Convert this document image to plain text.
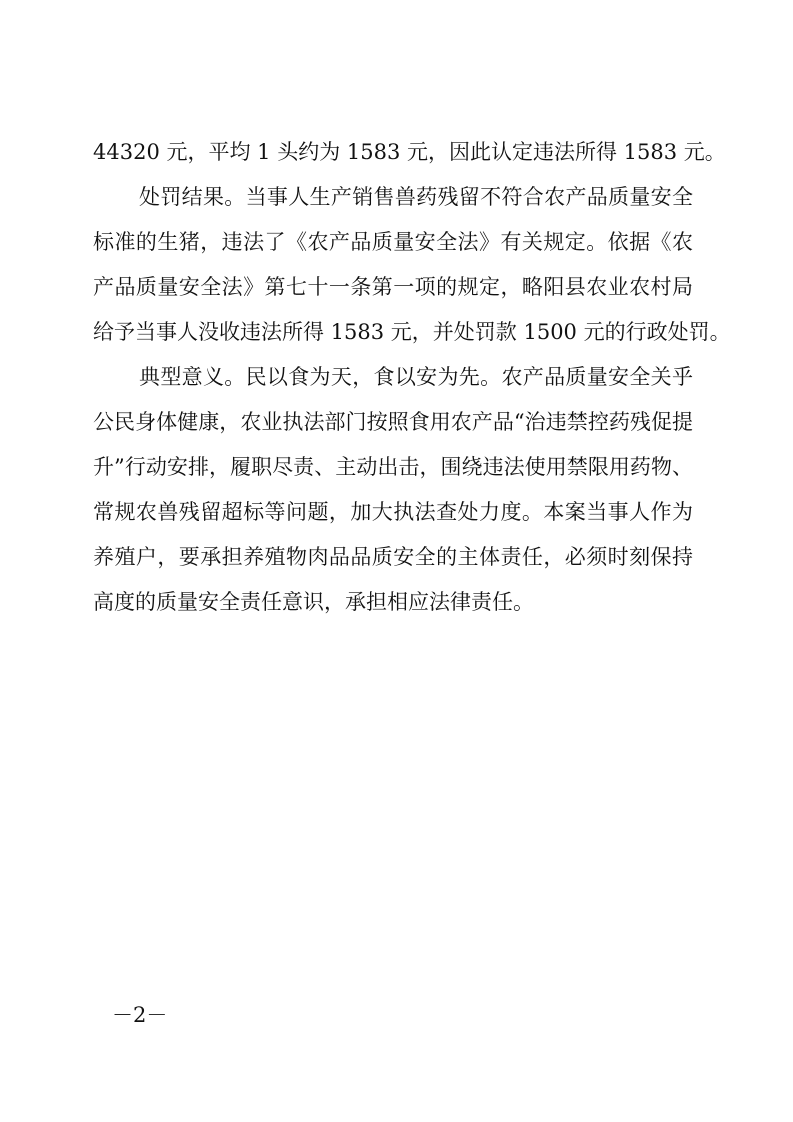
44320 元，平均 1 头约为 1583 元，因此认定违法所得 1583 元。
处罚结果。当事人生产销售兽药残留不符合农产品质量安全
标准的生猪，违法了《农产品质量安全法》有关规定。依据《农
产品质量安全法》第七十一条第一项的规定，略阳县农业农村局
给予当事人没收违法所得 1583 元，并处罚款 1500 元的行政处罚。
典型意义。民以食为天，食以安为先。农产品质量安全关乎
公民身体健康，农业执法部门按照食用农产品“治违禁控药残促提
升”行动安排，履职尽责、主动出击，围绕违法使用禁限用药物、
常规农兽残留超标等问题，加大执法查处力度。本案当事人作为
养殖户，要承担养殖物肉品品质安全的主体责任，必须时刻保持
高度的质量安全责任意识，承担相应法律责任。
－2－
